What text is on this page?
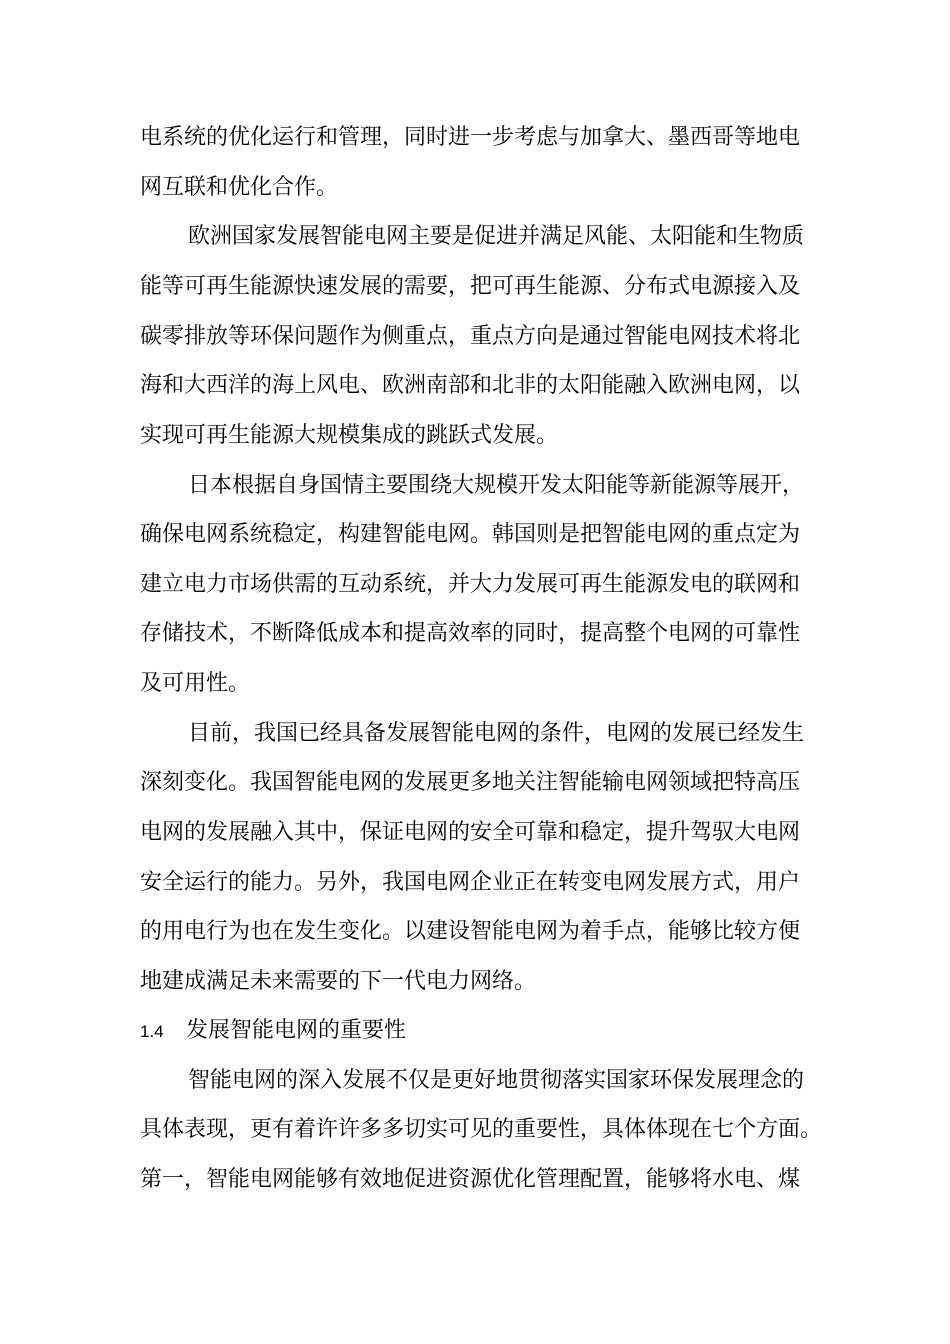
电系统的优化运行和管理，同时进一步考虑与加拿大、墨西哥等地电
网互联和优化合作。
欧洲国家发展智能电网主要是促进并满足风能、太阳能和生物质
能等可再生能源快速发展的需要，把可再生能源、分布式电源接入及
碳零排放等环保问题作为侧重点，重点方向是通过智能电网技术将北
海和大西洋的海上风电、欧洲南部和北非的太阳能融入欧洲电网，以
实现可再生能源大规模集成的跳跃式发展。
日本根据自身国情主要围绕大规模开发太阳能等新能源等展开，
确保电网系统稳定，构建智能电网。韩国则是把智能电网的重点定为
建立电力市场供需的互动系统，并大力发展可再生能源发电的联网和
存储技术，不断降低成本和提高效率的同时，提高整个电网的可靠性
及可用性。
目前，我国已经具备发展智能电网的条件，电网的发展已经发生
深刻变化。我国智能电网的发展更多地关注智能输电网领域把特高压
电网的发展融入其中，保证电网的安全可靠和稳定，提升驾驭大电网
安全运行的能力。另外，我国电网企业正在转变电网发展方式，用户
的用电行为也在发生变化。以建设智能电网为着手点，能够比较方便
地建成满足未来需要的下一代电力网络。
1.4 发展智能电网的重要性
智能电网的深入发展不仅是更好地贯彻落实国家环保发展理念的
具体表现，更有着许许多多切实可见的重要性，具体体现在七个方面。
第一，智能电网能够有效地促进资源优化管理配置，能够将水电、煤
